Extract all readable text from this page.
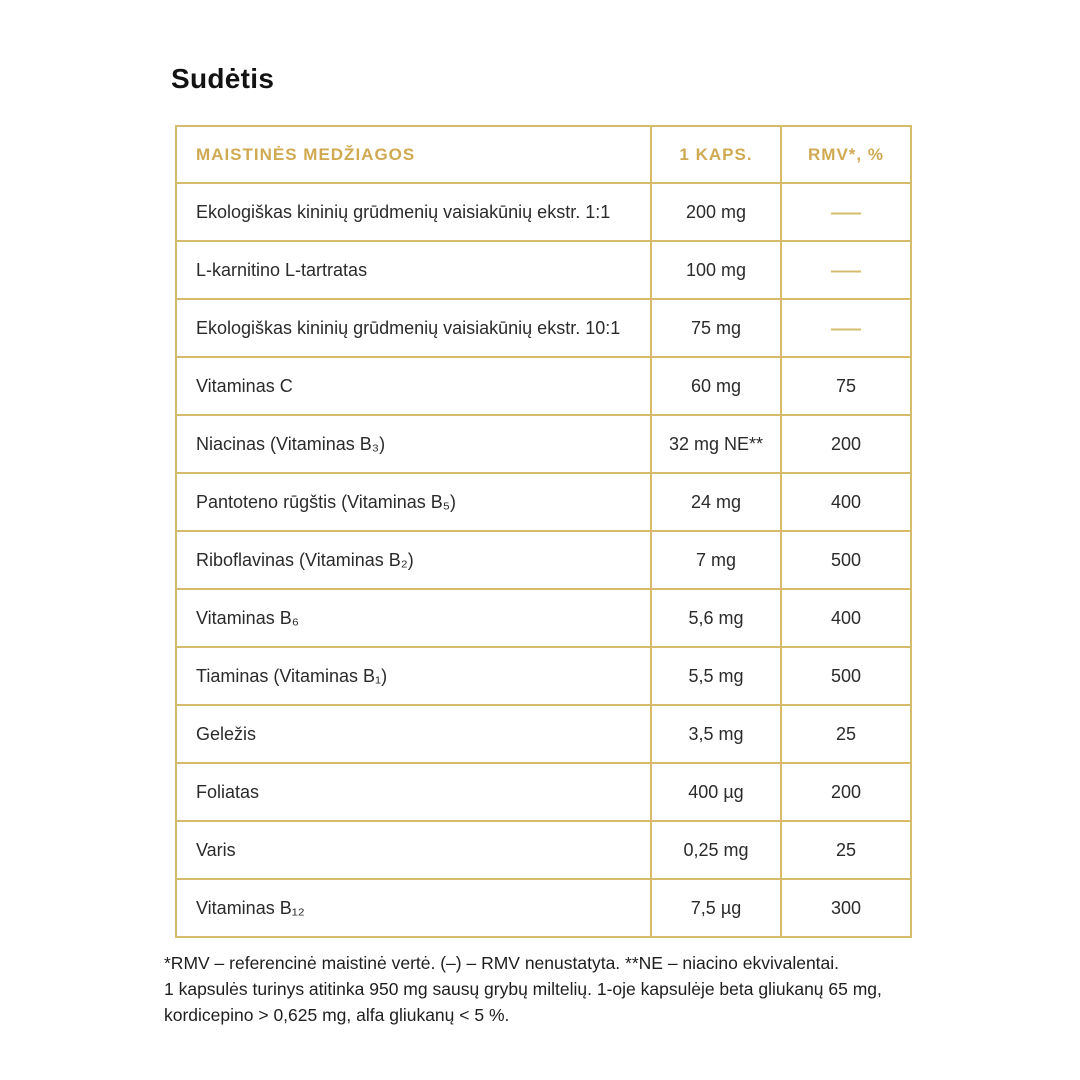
Sudėtis
MAISTINĖS MEDŽIAGOS	1 KAPS.	RMV*, %
Ekologiškas kininių grūdmenių vaisiakūnių ekstr. 1:1	200 mg	—
L-karnitino L-tartratas	100 mg	—
Ekologiškas kininių grūdmenių vaisiakūnių ekstr. 10:1	75 mg	—
Vitaminas C	60 mg	75
Niacinas (Vitaminas B₃)	32 mg NE**	200
Pantoteno rūgštis (Vitaminas B₅)	24 mg	400
Riboflavinas (Vitaminas B₂)	7 mg	500
Vitaminas B₆	5,6 mg	400
Tiaminas (Vitaminas B₁)	5,5 mg	500
Geležis	3,5 mg	25
Foliatas	400 µg	200
Varis	0,25 mg	25
Vitaminas B₁₂	7,5 µg	300
*RMV – referencinė maistinė vertė. (–) – RMV nenustatyta. **NE – niacino ekvivalentai.
1 kapsulės turinys atitinka 950 mg sausų grybų miltelių. 1-oje kapsulėje beta gliukanų 65 mg,
kordicepino > 0,625 mg, alfa gliukanų < 5 %.
